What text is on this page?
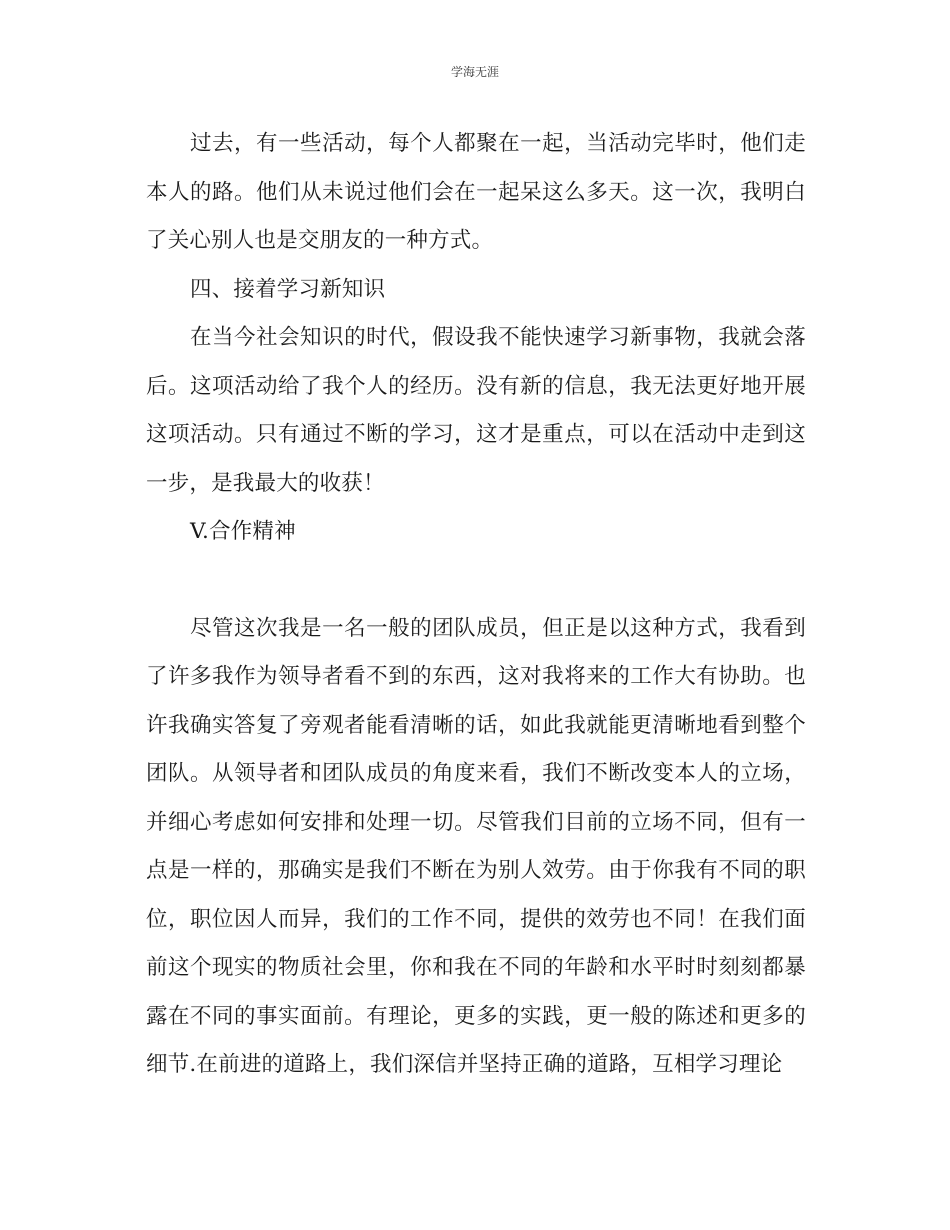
学海无涯

过去，有一些活动，每个人都聚在一起，当活动完毕时，他们走本人的路。他们从未说过他们会在一起呆这么多天。这一次，我明白了关心别人也是交朋友的一种方式。

四、接着学习新知识

在当今社会知识的时代，假设我不能快速学习新事物，我就会落后。这项活动给了我个人的经历。没有新的信息，我无法更好地开展这项活动。只有通过不断的学习，这才是重点，可以在活动中走到这一步，是我最大的收获！

V.合作精神

尽管这次我是一名一般的团队成员，但正是以这种方式，我看到了许多我作为领导者看不到的东西，这对我将来的工作大有协助。也许我确实答复了旁观者能看清晰的话，如此我就能更清晰地看到整个团队。从领导者和团队成员的角度来看，我们不断改变本人的立场，并细心考虑如何安排和处理一切。尽管我们目前的立场不同，但有一点是一样的，那确实是我们不断在为别人效劳。由于你我有不同的职位，职位因人而异，我们的工作不同，提供的效劳也不同！在我们面前这个现实的物质社会里，你和我在不同的年龄和水平时时刻刻都暴露在不同的事实面前。有理论，更多的实践，更一般的陈述和更多的细节.在前进的道路上，我们深信并坚持正确的道路，互相学习理论
